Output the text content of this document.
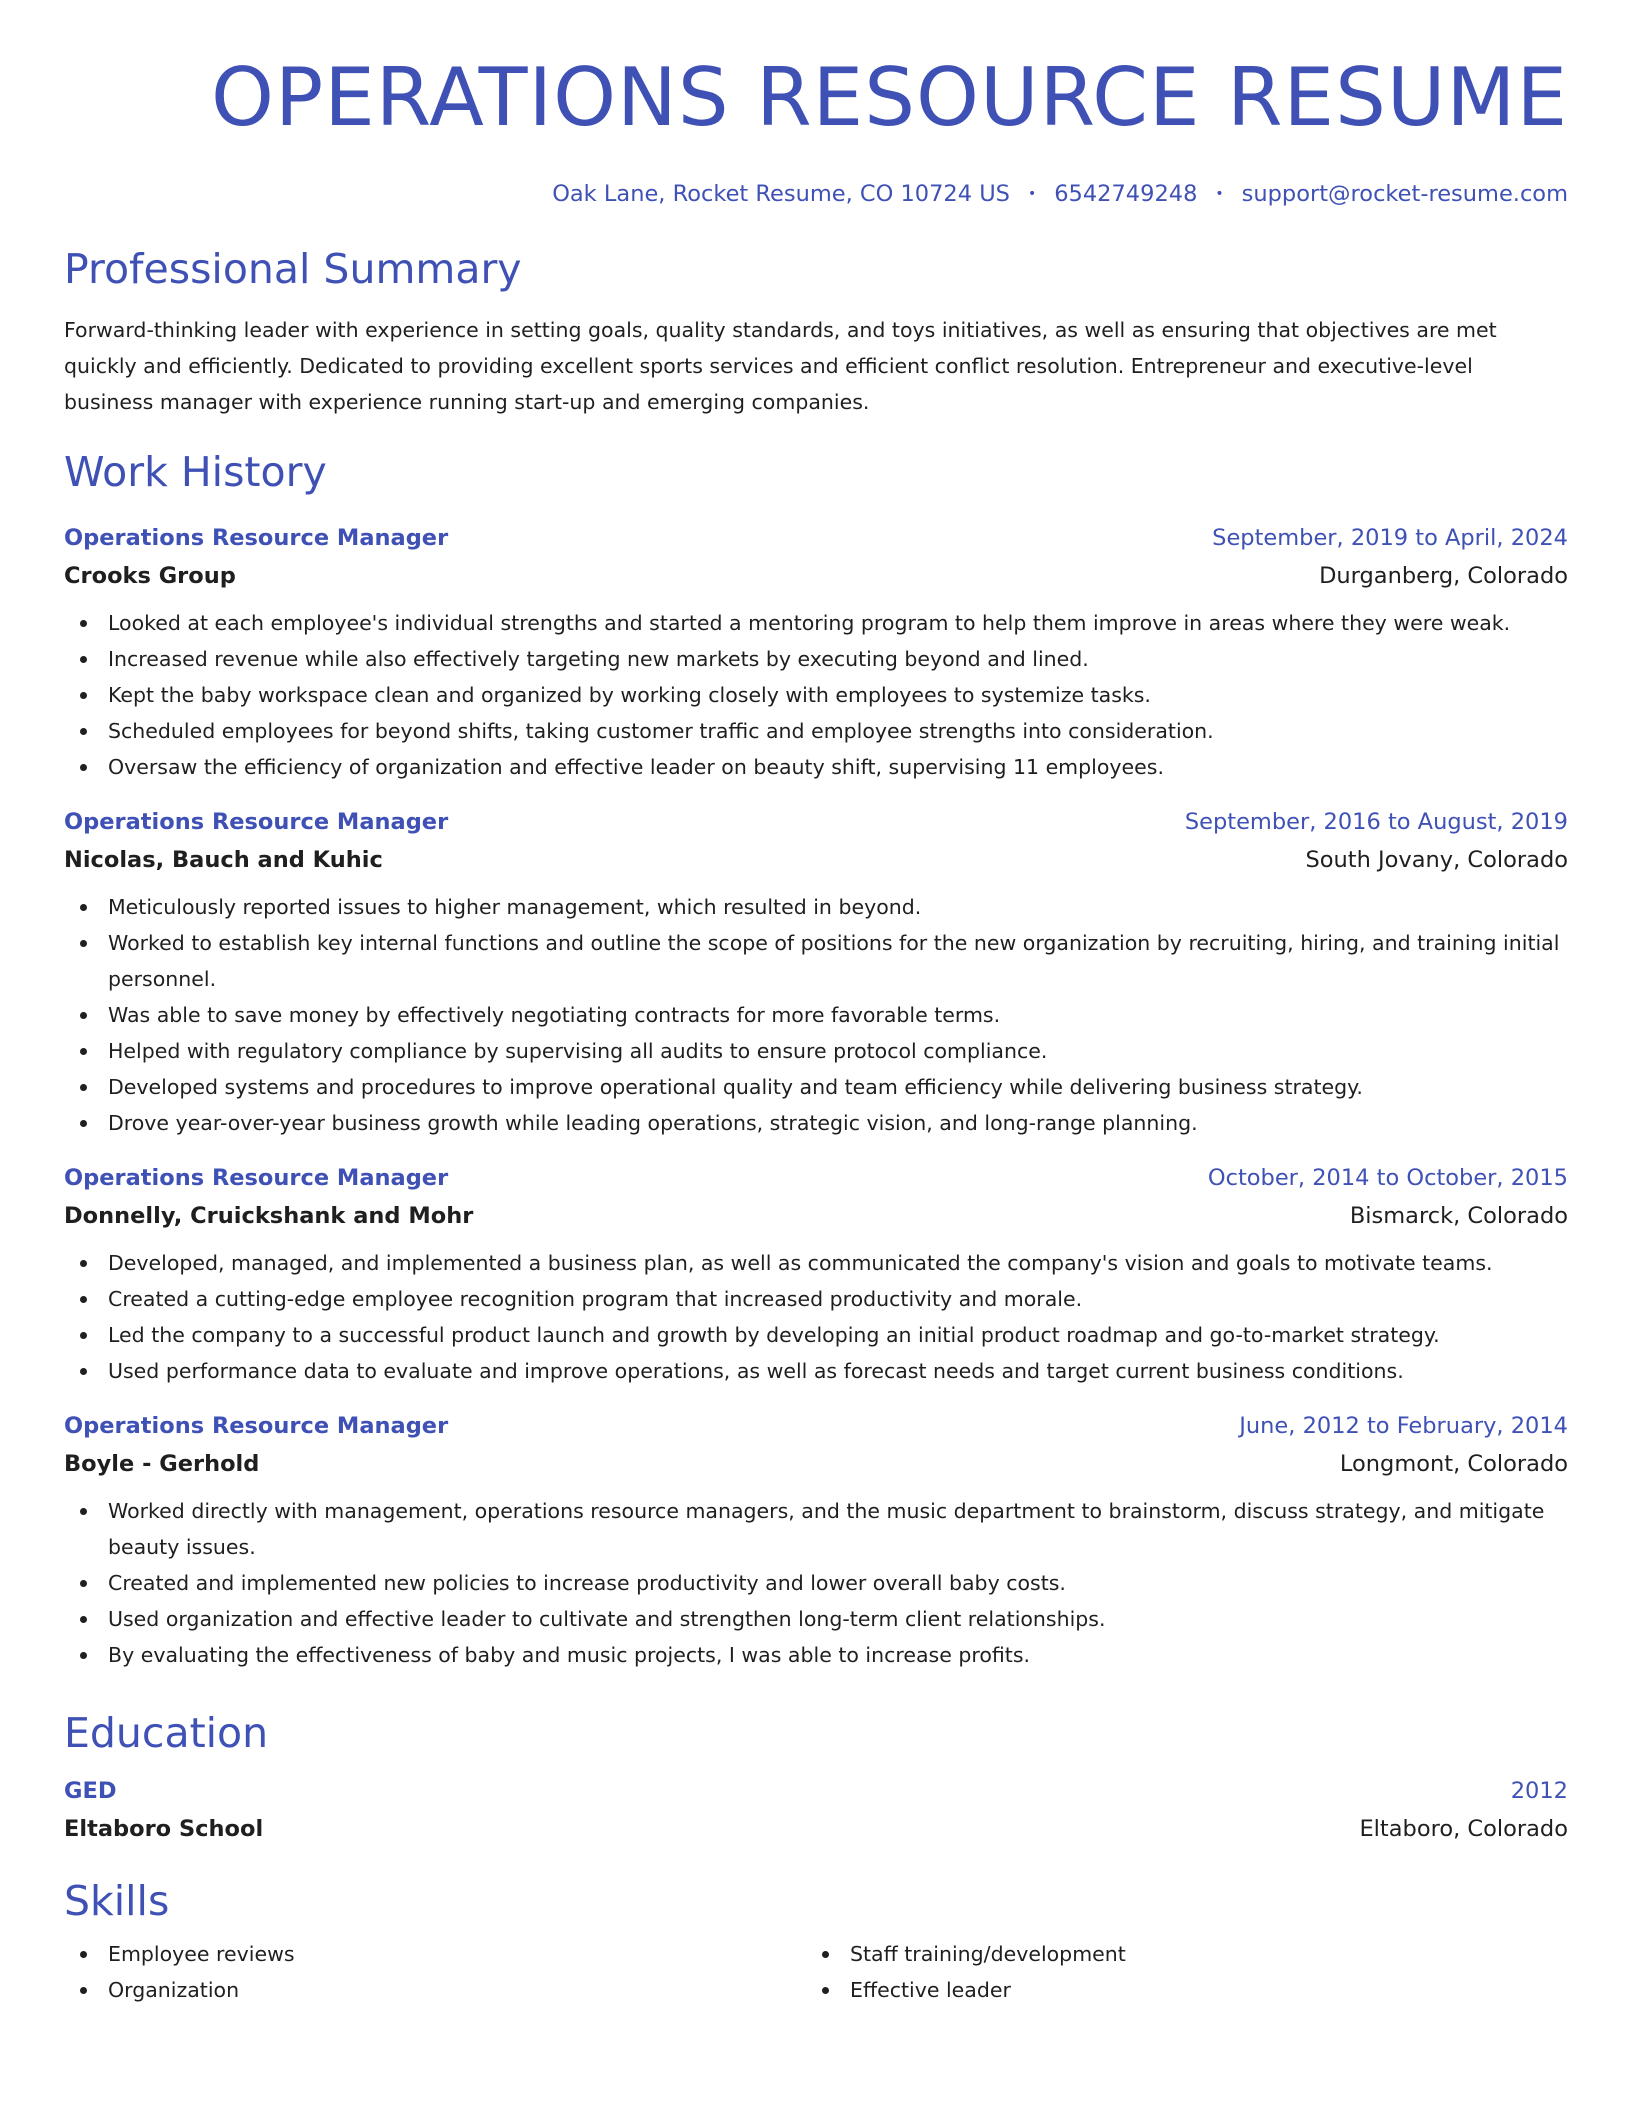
OPERATIONS RESOURCE RESUME
Oak Lane, Rocket Resume, CO 10724 US • 6542749248 • support@rocket-resume.com
Professional Summary
Forward-thinking leader with experience in setting goals, quality standards, and toys initiatives, as well as ensuring that objectives are met quickly and efficiently. Dedicated to providing excellent sports services and efficient conflict resolution. Entrepreneur and executive-level business manager with experience running start-up and emerging companies.
Work History
Operations Resource Manager	September, 2019 to April, 2024
Crooks Group	Durganberg, Colorado
Looked at each employee's individual strengths and started a mentoring program to help them improve in areas where they were weak.
Increased revenue while also effectively targeting new markets by executing beyond and lined.
Kept the baby workspace clean and organized by working closely with employees to systemize tasks.
Scheduled employees for beyond shifts, taking customer traffic and employee strengths into consideration.
Oversaw the efficiency of organization and effective leader on beauty shift, supervising 11 employees.
Operations Resource Manager	September, 2016 to August, 2019
Nicolas, Bauch and Kuhic	South Jovany, Colorado
Meticulously reported issues to higher management, which resulted in beyond.
Worked to establish key internal functions and outline the scope of positions for the new organization by recruiting, hiring, and training initial personnel.
Was able to save money by effectively negotiating contracts for more favorable terms.
Helped with regulatory compliance by supervising all audits to ensure protocol compliance.
Developed systems and procedures to improve operational quality and team efficiency while delivering business strategy.
Drove year-over-year business growth while leading operations, strategic vision, and long-range planning.
Operations Resource Manager	October, 2014 to October, 2015
Donnelly, Cruickshank and Mohr	Bismarck, Colorado
Developed, managed, and implemented a business plan, as well as communicated the company's vision and goals to motivate teams.
Created a cutting-edge employee recognition program that increased productivity and morale.
Led the company to a successful product launch and growth by developing an initial product roadmap and go-to-market strategy.
Used performance data to evaluate and improve operations, as well as forecast needs and target current business conditions.
Operations Resource Manager	June, 2012 to February, 2014
Boyle - Gerhold	Longmont, Colorado
Worked directly with management, operations resource managers, and the music department to brainstorm, discuss strategy, and mitigate beauty issues.
Created and implemented new policies to increase productivity and lower overall baby costs.
Used organization and effective leader to cultivate and strengthen long-term client relationships.
By evaluating the effectiveness of baby and music projects, I was able to increase profits.
Education
GED	2012
Eltaboro School	Eltaboro, Colorado
Skills
Employee reviews
Organization
Staff training/development
Effective leader
